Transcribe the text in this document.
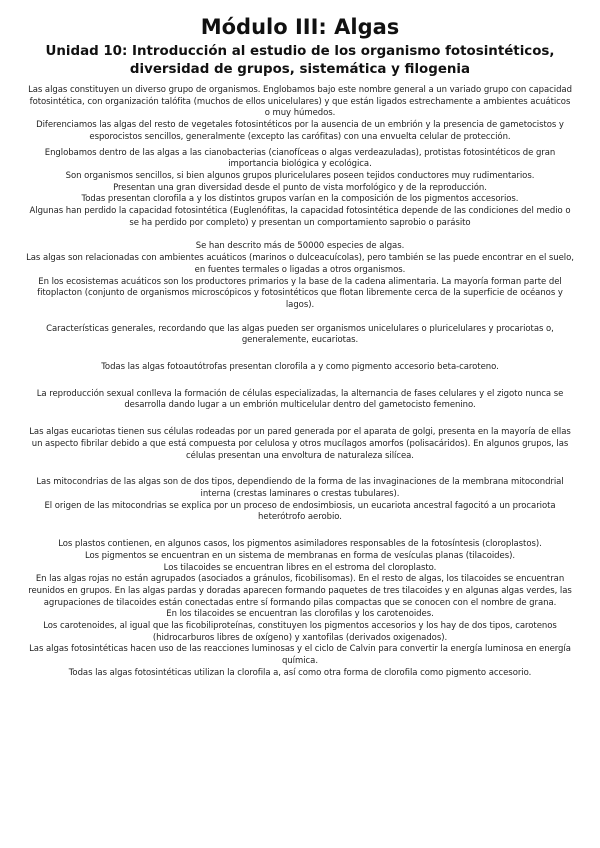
Módulo III: Algas
Unidad 10: Introducción al estudio de los organismo fotosintéticos,
diversidad de grupos, sistemática y filogenia

Las algas constituyen un diverso grupo de organismos. Englobamos bajo este nombre general a un variado grupo con capacidad fotosintética, con organización talófita (muchos de ellos unicelulares) y que están ligados estrechamente a ambientes acuáticos o muy húmedos.

Diferenciamos las algas del resto de vegetales fotosintéticos por la ausencia de un embrión y la presencia de gametocistos y esporocistos sencillos, generalmente (excepto las carófitas) con una envuelta celular de protección.

Englobamos dentro de las algas a las cianobacterias (cianofíceas o algas verdeazuladas), protistas fotosintéticos de gran importancia biológica y ecológica.

Son organismos sencillos, si bien algunos grupos pluricelulares poseen tejidos conductores muy rudimentarios.

Presentan una gran diversidad desde el punto de vista morfológico y de la reproducción.

Todas presentan clorofila a y los distintos grupos varían en la composición de los pigmentos accesorios.

Algunas han perdido la capacidad fotosintética (Euglenófitas, la capacidad fotosintética depende de las condiciones del medio o se ha perdido por completo) y presentan un comportamiento saprobio o parásito

Se han descrito más de 50000 especies de algas.

Las algas son relacionadas con ambientes acuáticos (marinos o dulceacuícolas), pero también se las puede encontrar en el suelo, en fuentes termales o ligadas a otros organismos.

En los ecosistemas acuáticos son los productores primarios y la base de la cadena alimentaria. La mayoría forman parte del fitoplacton (conjunto de organismos microscópicos y fotosintéticos que flotan libremente cerca de la superficie de océanos y lagos).

Características generales, recordando que las algas pueden ser organismos unicelulares o pluricelulares y procariotas o, generalemente, eucariotas.

Todas las algas fotoautótrofas presentan clorofila a y como pigmento accesorio beta-caroteno.

La reproducción sexual conlleva la formación de células especializadas, la alternancia de fases celulares y el zigoto nunca se desarrolla dando lugar a un embrión multicelular dentro del gametocisto femenino.

Las algas eucariotas tienen sus células rodeadas por un pared generada por el aparata de golgi, presenta en la mayoría de ellas un aspecto fibrilar debido a que está compuesta por celulosa y otros mucílagos amorfos (polisacáridos). En algunos grupos, las células presentan una envoltura de naturaleza silícea.

Las mitocondrias de las algas son de dos tipos, dependiendo de la forma de las invaginaciones de la membrana mitocondrial interna (crestas laminares o crestas tubulares).

El origen de las mitocondrias se explica por un proceso de endosimbiosis, un eucariota ancestral fagocitó a un procariota heterótrofo aerobio.

Los plastos contienen, en algunos casos, los pigmentos asimiladores responsables de la fotosíntesis (cloroplastos).

Los pigmentos se encuentran en un sistema de membranas en forma de vesículas planas (tilacoides).

Los tilacoides se encuentran libres en el estroma del cloroplasto.

En las algas rojas no están agrupados (asociados a gránulos, ficobilisomas). En el resto de algas, los tilacoides se encuentran reunidos en grupos. En las algas pardas y doradas aparecen formando paquetes de tres tilacoides y en algunas algas verdes, las agrupaciones de tilacoides están conectadas entre sí formando pilas compactas que se conocen con el nombre de grana.

En los tilacoides se encuentran las clorofilas y los carotenoides.

Los carotenoides, al igual que las ficobiliproteínas, constituyen los pigmentos accesorios y los hay de dos tipos, carotenos (hidrocarburos libres de oxígeno) y xantofilas (derivados oxigenados).

Las algas fotosintéticas hacen uso de las reacciones luminosas y el ciclo de Calvin para convertir la energía luminosa en energía química.

Todas las algas fotosintéticas utilizan la clorofila a, así como otra forma de clorofila como pigmento accesorio.
